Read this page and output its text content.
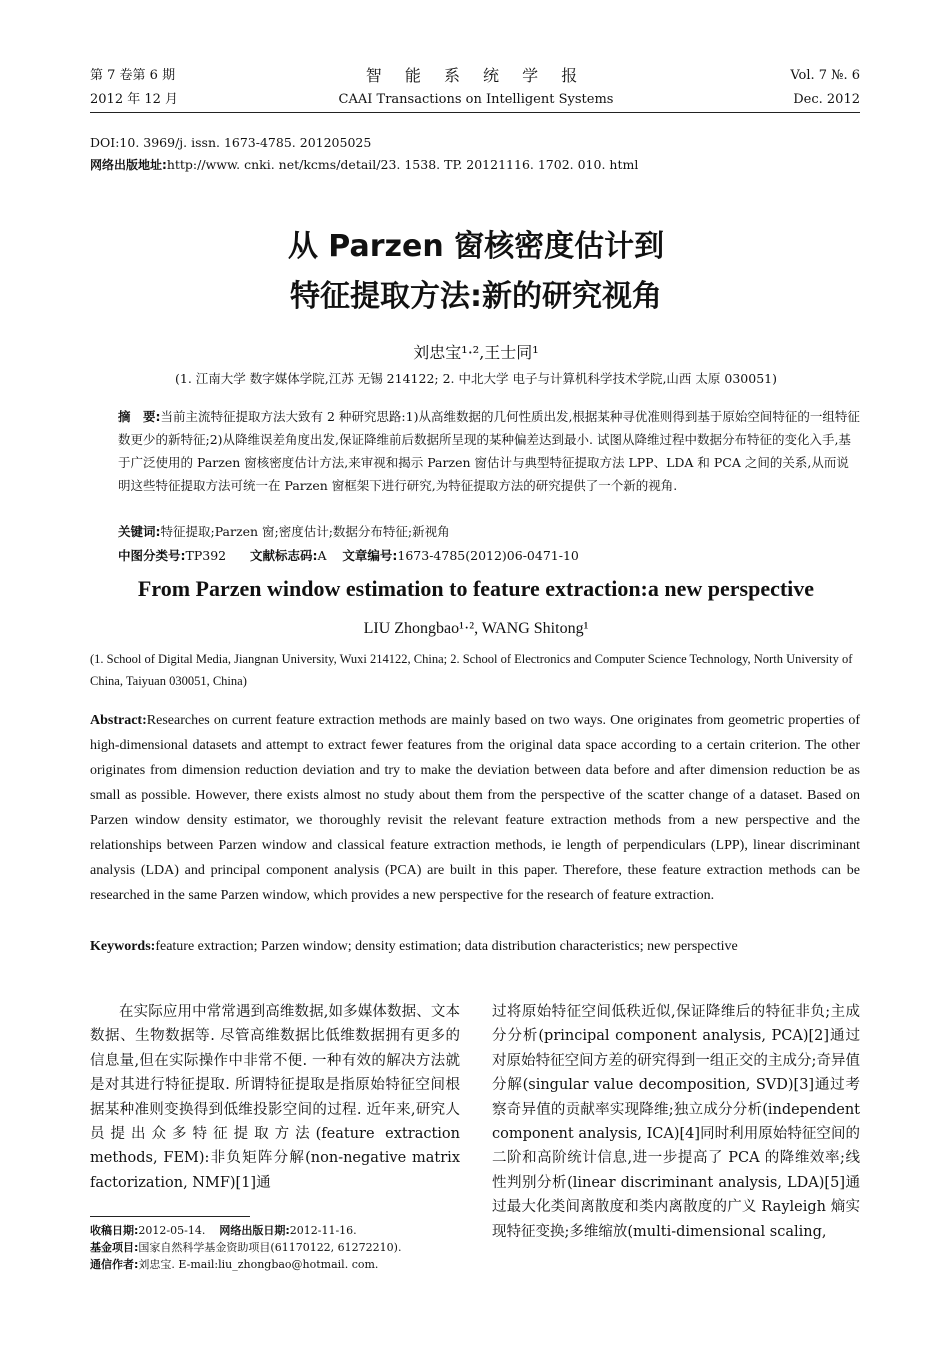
第 7 卷第 6 期
2012 年 12 月
智 能 系 统 学 报
CAAI Transactions on Intelligent Systems
Vol. 7 №. 6
Dec. 2012
DOI:10. 3969/j. issn. 1673-4785. 201205025
网络出版地址:http://www. cnki. net/kcms/detail/23. 1538. TP. 20121116. 1702. 010. html
从 Parzen 窗核密度估计到
特征提取方法:新的研究视角
刘忠宝¹·²,王士同¹
(1. 江南大学 数字媒体学院,江苏 无锡 214122; 2. 中北大学 电子与计算机科学技术学院,山西 太原 030051)
摘　要:当前主流特征提取方法大致有 2 种研究思路:1)从高维数据的几何性质出发,根据某种寻优准则得到基于原始空间特征的一组特征数更少的新特征;2)从降维误差角度出发,保证降维前后数据所呈现的某种偏差达到最小. 试图从降维过程中数据分布特征的变化入手,基于广泛使用的 Parzen 窗核密度估计方法,来审视和揭示 Parzen 窗估计与典型特征提取方法 LPP、LDA 和 PCA 之间的关系,从而说明这些特征提取方法可统一在 Parzen 窗框架下进行研究,为特征提取方法的研究提供了一个新的视角.
关键词:特征提取;Parzen 窗;密度估计;数据分布特征;新视角
中图分类号:TP392 文献标志码:A 文章编号:1673-4785(2012)06-0471-10
From Parzen window estimation to feature extraction:a new perspective
LIU Zhongbao¹·², WANG Shitong¹
(1. School of Digital Media, Jiangnan University, Wuxi 214122, China; 2. School of Electronics and Computer Science Technology, North University of China, Taiyuan 030051, China)
Abstract:Researches on current feature extraction methods are mainly based on two ways. One originates from geometric properties of high-dimensional datasets and attempt to extract fewer features from the original data space according to a certain criterion. The other originates from dimension reduction deviation and try to make the deviation between data before and after dimension reduction be as small as possible. However, there exists almost no study about them from the perspective of the scatter change of a dataset. Based on Parzen window density estimator, we thoroughly revisit the relevant feature extraction methods from a new perspective and the relationships between Parzen window and classical feature extraction methods, ie length of perpendiculars (LPP), linear discriminant analysis (LDA) and principal component analysis (PCA) are built in this paper. Therefore, these feature extraction methods can be researched in the same Parzen window, which provides a new perspective for the research of feature extraction.
Keywords:feature extraction; Parzen window; density estimation; data distribution characteristics; new perspective

在实际应用中常常遇到高维数据,如多媒体数据、文本数据、生物数据等. 尽管高维数据比低维数据拥有更多的信息量,但在实际操作中非常不便. 一种有效的解决方法就是对其进行特征提取. 所谓特征提取是指原始特征空间根据某种准则变换得到低维投影空间的过程. 近年来,研究人员提出众多特征提取方法(feature extraction methods, FEM):非负矩阵分解(non-negative matrix factorization, NMF)[1]通

过将原始特征空间低秩近似,保证降维后的特征非负;主成分分析(principal component analysis, PCA)[2]通过对原始特征空间方差的研究得到一组正交的主成分;奇异值分解(singular value decomposition, SVD)[3]通过考察奇异值的贡献率实现降维;独立成分分析(independent component analysis, ICA)[4]同时利用原始特征空间的二阶和高阶统计信息,进一步提高了 PCA 的降维效率;线性判别分析(linear discriminant analysis, LDA)[5]通过最大化类间离散度和类内离散度的广义 Rayleigh 熵实现特征变换;多维缩放(multi-dimensional scaling,

收稿日期:2012-05-14. 网络出版日期:2012-11-16.
基金项目:国家自然科学基金资助项目(61170122, 61272210).
通信作者:刘忠宝. E-mail:liu_zhongbao@hotmail. com.
